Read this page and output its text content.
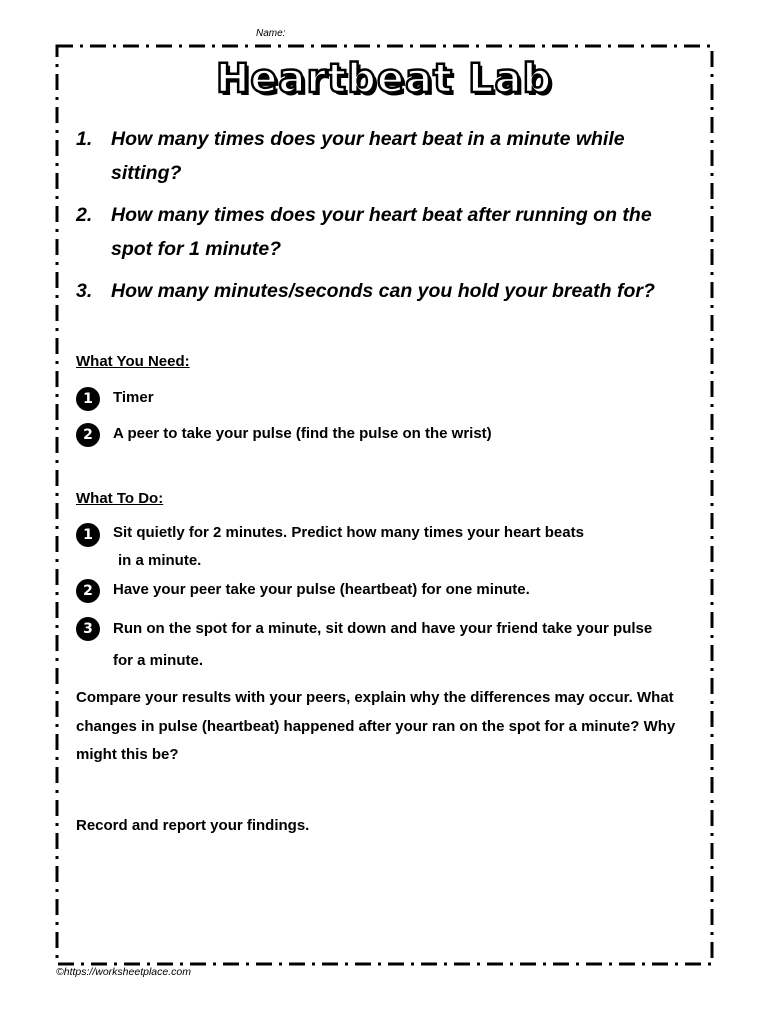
Name:
Heartbeat Lab
1. How many times does your heart beat in a minute while sitting?
2. How many times does your heart beat after running on the spot for 1 minute?
3. How many minutes/seconds can you hold your breath for?
What You Need:
1	Timer
2	A peer to take your pulse (find the pulse on the wrist)
What To Do:
1	Sit quietly for 2 minutes. Predict how many times your heart beats
in a minute.
2	Have your peer take your pulse (heartbeat) for one minute.
3	Run on the spot for a minute, sit down and have your friend take your pulse for a minute.
Compare your results with your peers, explain why the differences may occur. What changes in pulse (heartbeat) happened after your ran on the spot for a minute? Why might this be?
Record and report your findings.
©https://worksheetplace.com
